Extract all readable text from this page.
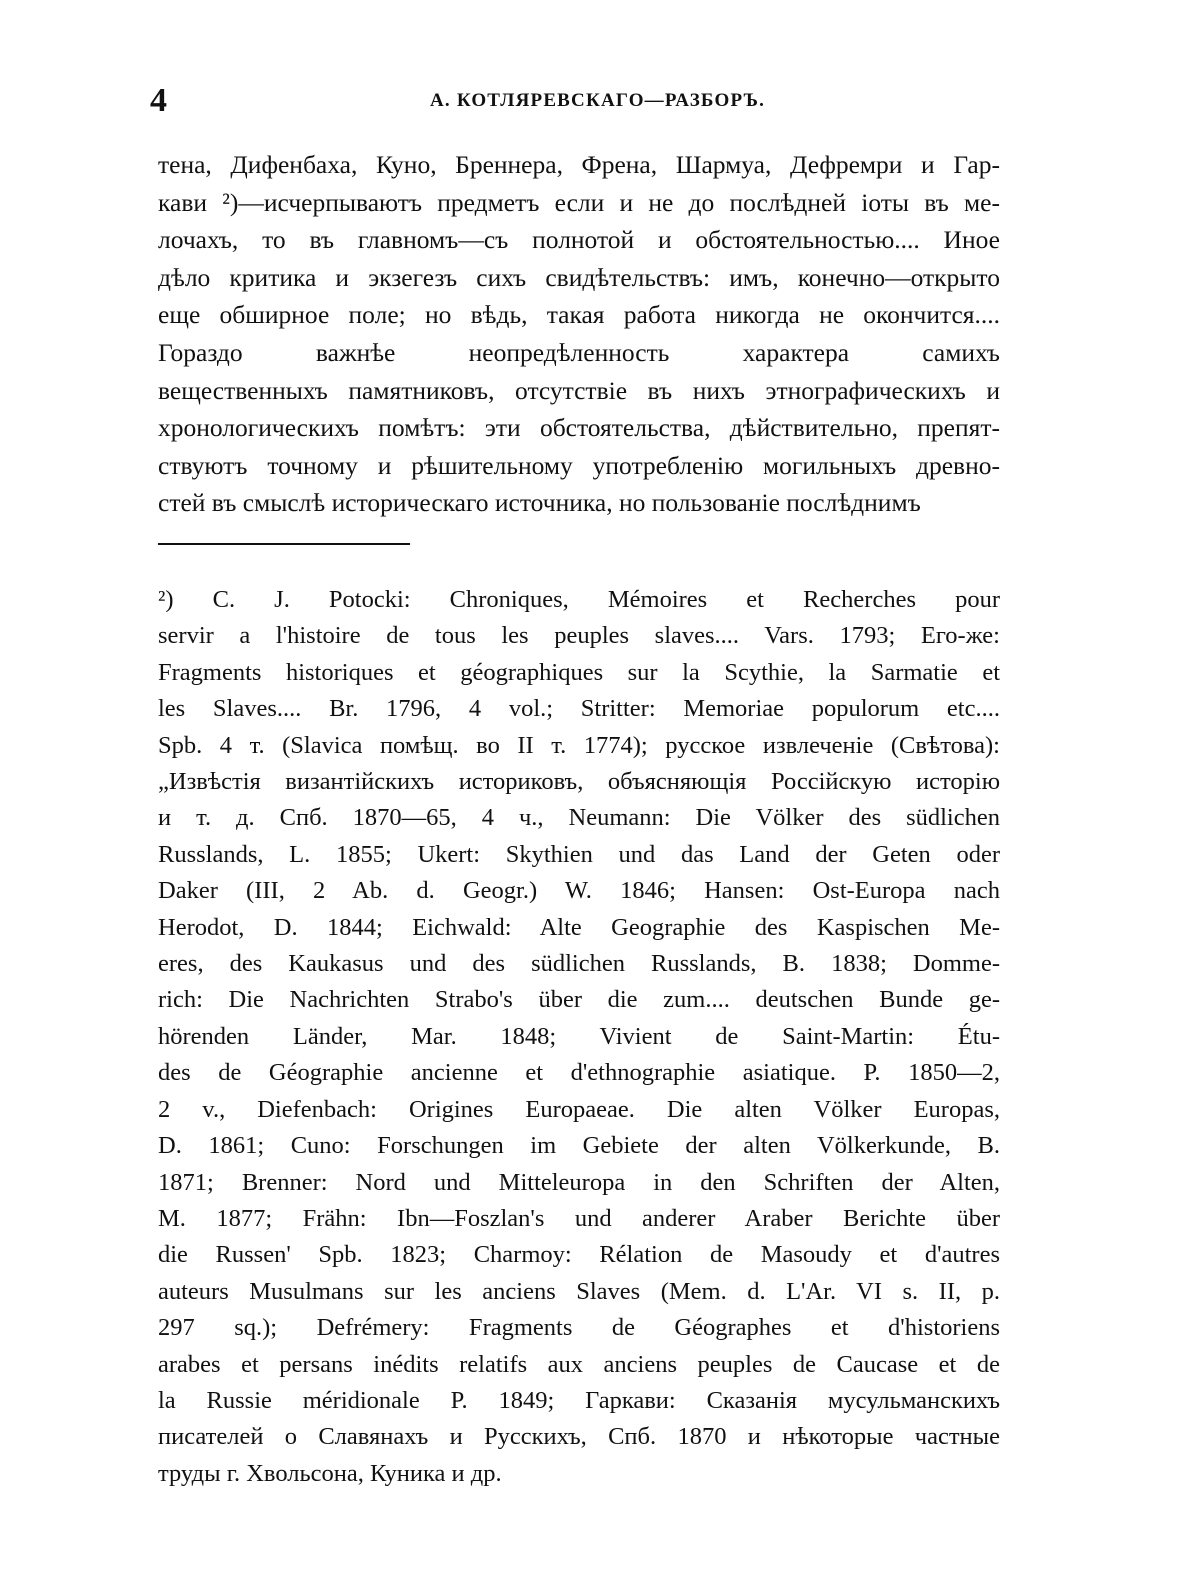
4	А. КОТЛЯРЕВСКАГО—РАЗБОРЪ.
тена, Дифенбаха, Куно, Бреннера, Френа, Шармуа, Дефремри и Гар-
кави ²)—исчерпываютъ предметъ если и не до послѣдней іоты въ ме-
лочахъ, то въ главномъ—съ полнотой и обстоятельностью.... Иное
дѣло критика и экзегезъ сихъ свидѣтельствъ: имъ, конечно—открыто
еще обширное поле; но вѣдь, такая работа никогда не окончится....
Гораздо важнѣе неопредѣленность характера самихъ
вещественныхъ памятниковъ, отсутствіе въ нихъ этнографическихъ и
хронологическихъ помѣтъ: эти обстоятельства, дѣйствительно, препят-
ствуютъ точному и рѣшительному употребленію могильныхъ древно-
стей въ смыслѣ историческаго источника, но пользованіе послѣднимъ
²) C. J. Potocki: Chroniques, Mémoires et Recherches pour
servir a l'histoire de tous les peuples slaves.... Vars. 1793; Его-же:
Fragments historiques et géographiques sur la Scythie, la Sarmatie et
les Slaves.... Br. 1796, 4 vol.; Stritter: Memoriae populorum etc....
Spb. 4 т. (Slavica помѣщ. во II т. 1774); русское извлеченіе (Свѣтова):
„Извѣстія византійскихъ историковъ, объясняющія Россійскую исторію
и т. д. Спб. 1870—65, 4 ч., Neumann: Die Völker des südlichen
Russlands, L. 1855; Ukert: Skythien und das Land der Geten oder
Daker (III, 2 Ab. d. Geogr.) W. 1846; Hansen: Ost-Europa nach
Herodot, D. 1844; Eichwald: Alte Geographie des Kaspischen Me-
eres, des Kaukasus und des südlichen Russlands, B. 1838; Domme-
rich: Die Nachrichten Strabo's über die zum.... deutschen Bunde ge-
hörenden Länder, Mar. 1848; Vivient de Saint-Martin: Étu-
des de Géographie ancienne et d'ethnographie asiatique. P. 1850—2,
2 v., Diefenbach: Origines Europaeae. Die alten Völker Europas,
D. 1861; Cuno: Forschungen im Gebiete der alten Völkerkunde, B.
1871; Brenner: Nord und Mitteleuropa in den Schriften der Alten,
M. 1877; Frähn: Ibn—Foszlan's und anderer Araber Berichte über
die Russen' Spb. 1823; Charmoy: Rélation de Masoudy et d'autres
auteurs Musulmans sur les anciens Slaves (Mem. d. L'Ar. VI s. II, p.
297 sq.); Defrémery: Fragments de Géographes et d'historiens
arabes et persans inédits relatifs aux anciens peuples de Caucase et de
la Russie méridionale P. 1849; Гаркави: Сказанія мусульманскихъ
писателей о Славянахъ и Русскихъ, Спб. 1870 и нѣкоторые частные
труды г. Хвольсона, Куника и др.
